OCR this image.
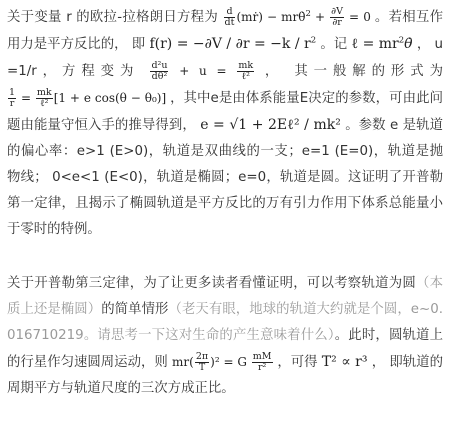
关于变量 r 的欧拉-拉格朗日方程为 $\frac{d}{dt}$ (mṙ) − mrθ̇$^2$ + $\frac{\partial V}{\partial r} = 0$ 。若相互作用力是平方反比的， 即 $f(r) = -\partial V / \partial r = -k / r^2$ 。记 ℓ = $mr^2\thetȧ$ ， u=1/r，方程变为 $\frac{\text{d²u}}{\text{dθ²}} + u = \frac{mk}{\text{ℓ²}}$ ， 其一般解的形式为
$\frac{1}{r} = \frac{mk}{\text{ℓ²}} [1 + e$ cos(θ − θ₀)] ，其中e是由体系能量E决定的参数，可由此问题由能量守恒入手的推导得到， e = √1 + 2Eℓ² / mk² 。参数 e 是轨道的偏心率：e>1 (E>0)，轨道是双曲线的一支；e=1 (E=0)，轨道是抛物线； 0<e<1 (E<0)，轨道是椭圆；e=0，轨道是圆。这证明了开普勒第一定律，且揭示了椭圆轨道是平方反比的万有引力作用下体系总能量小于零时的特例。

关于开普勒第三定律，为了让更多读者看懂证明，可以考察轨道为圆（本质上还是椭圆）的简单情形（老天有眼，地球的轨道大约就是个圆，e~0.016710219。请思考一下这对生命的产生意味着什么）。此时，圆轨道上的行星作匀速圆周运动，则 $mr( \frac{2\pi}{T} )^2 = G \frac{mM}{\text{r²}}$ ，可得 T² ∝ r³ ， 即轨道的周期平方与轨道尺度的三次方成正比。
